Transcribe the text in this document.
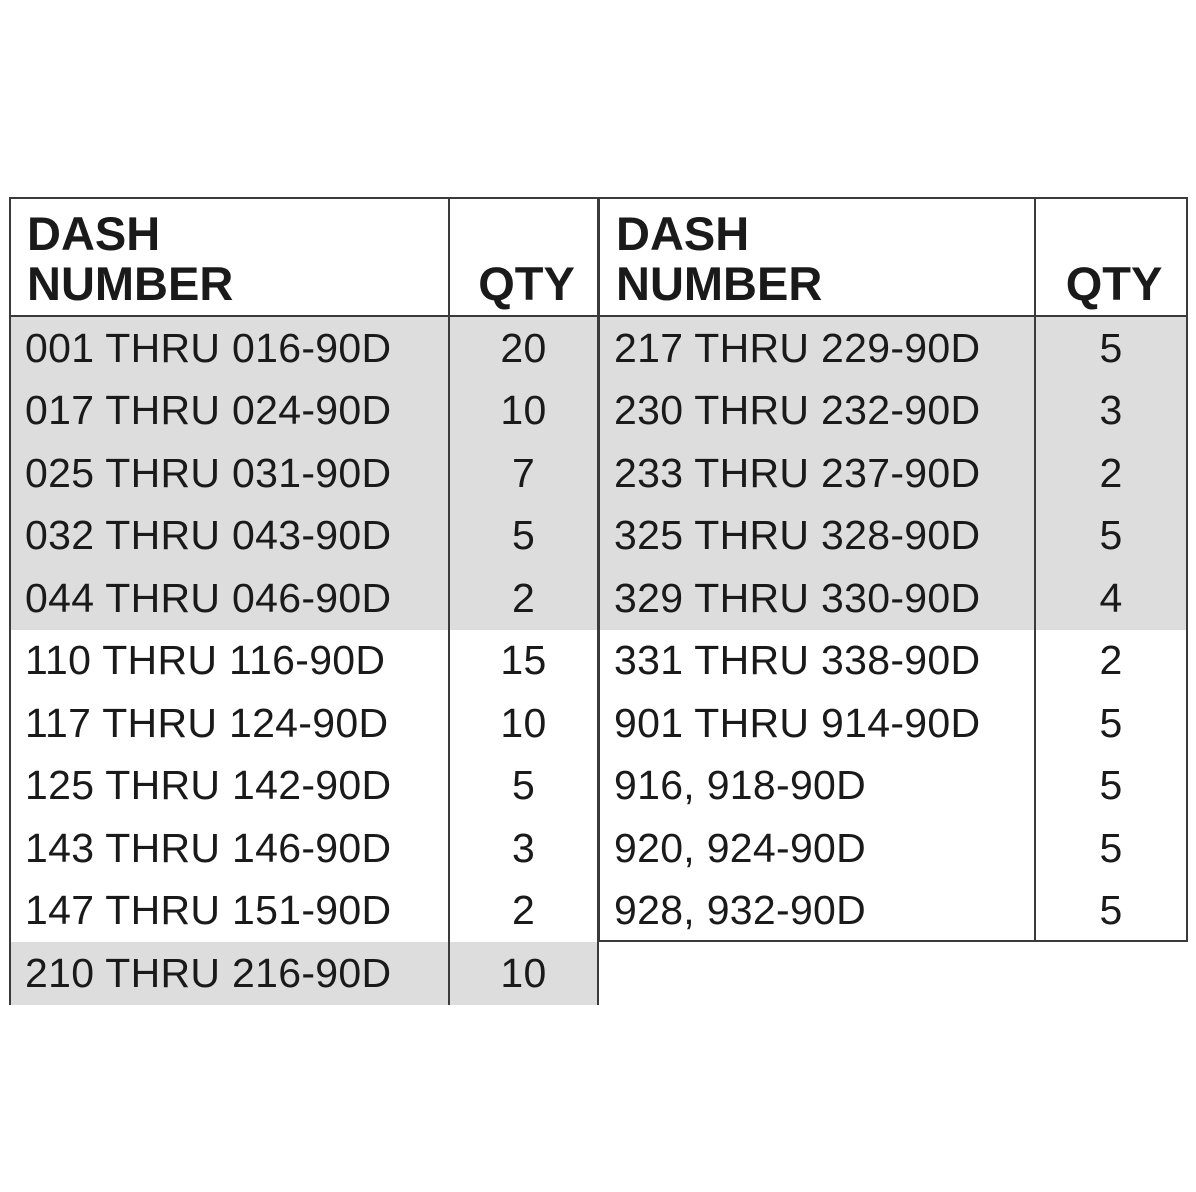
DASH
NUMBER	QTY
001 THRU 016-90D	20
017 THRU 024-90D	10
025 THRU 031-90D	7
032 THRU 043-90D	5
044 THRU 046-90D	2
110 THRU 116-90D	15
117 THRU 124-90D	10
125 THRU 142-90D	5
143 THRU 146-90D	3
147 THRU 151-90D	2
210 THRU 216-90D	10
DASH
NUMBER	QTY
217 THRU 229-90D	5
230 THRU 232-90D	3
233 THRU 237-90D	2
325 THRU 328-90D	5
329 THRU 330-90D	4
331 THRU 338-90D	2
901 THRU 914-90D	5
916, 918-90D	5
920, 924-90D	5
928, 932-90D	5
